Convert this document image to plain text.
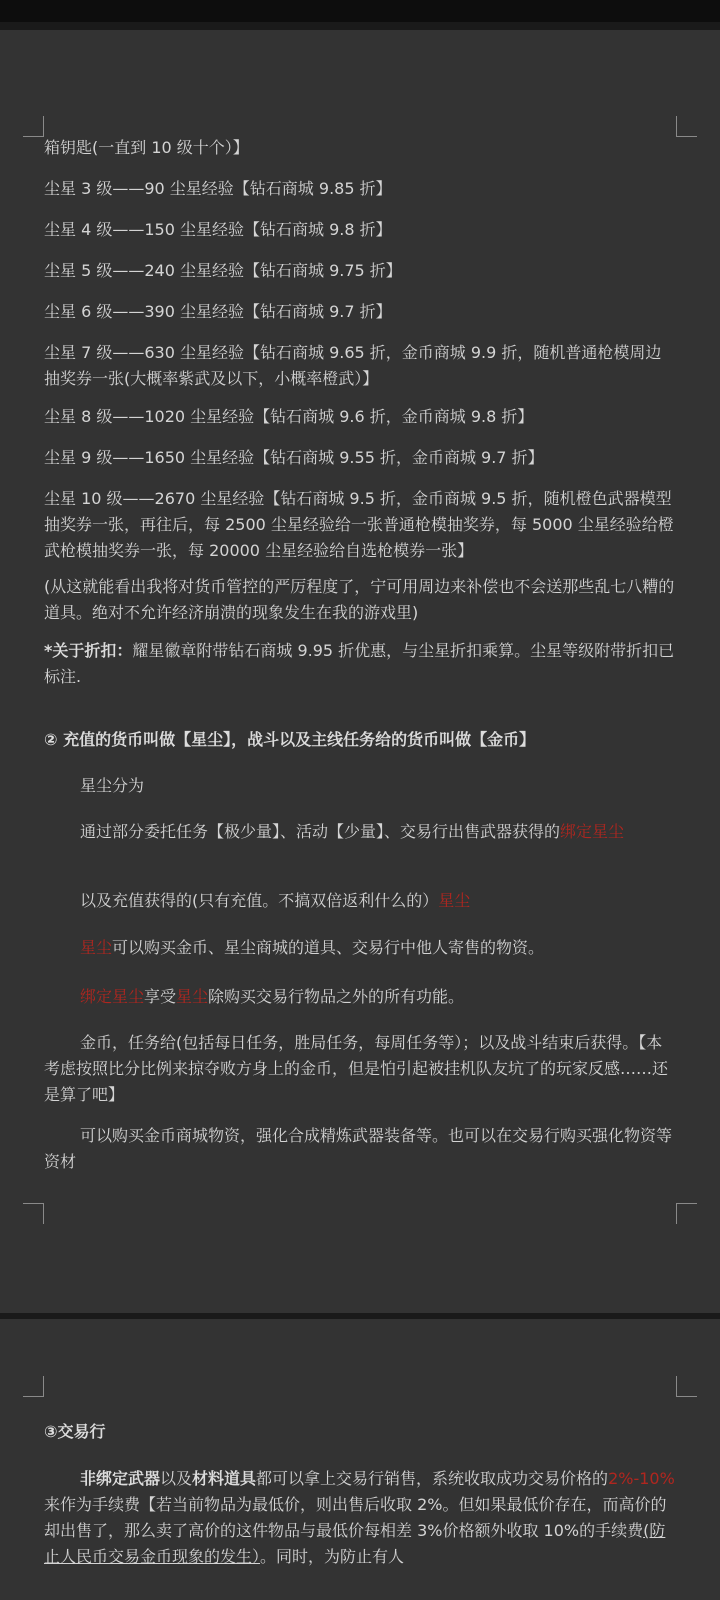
箱钥匙(一直到 10 级十个）】

尘星 3 级——90 尘星经验【钻石商城 9.85 折】

尘星 4 级——150 尘星经验【钻石商城 9.8 折】

尘星 5 级——240 尘星经验【钻石商城 9.75 折】

尘星 6 级——390 尘星经验【钻石商城 9.7 折】

尘星 7 级——630 尘星经验【钻石商城 9.65 折，金币商城 9.9 折，随机普通枪模周边抽奖券一张(大概率紫武及以下，小概率橙武）】

尘星 8 级——1020 尘星经验【钻石商城 9.6 折，金币商城 9.8 折】

尘星 9 级——1650 尘星经验【钻石商城 9.55 折，金币商城 9.7 折】

尘星 10 级——2670 尘星经验【钻石商城 9.5 折，金币商城 9.5 折，随机橙色武器模型抽奖券一张，再往后，每 2500 尘星经验给一张普通枪模抽奖券，每 5000 尘星经验给橙武枪模抽奖券一张，每 20000 尘星经验给自选枪模券一张】

(从这就能看出我将对货币管控的严厉程度了，宁可用周边来补偿也不会送那些乱七八糟的道具。绝对不允许经济崩溃的现象发生在我的游戏里)

*关于折扣：耀星徽章附带钻石商城 9.95 折优惠，与尘星折扣乘算。尘星等级附带折扣已标注.

② 充值的货币叫做【星尘】，战斗以及主线任务给的货币叫做【金币】

星尘分为

通过部分委托任务【极少量】、活动【少量】、交易行出售武器获得的绑定星尘

以及充值获得的(只有充值。不搞双倍返利什么的）星尘

星尘可以购买金币、星尘商城的道具、交易行中他人寄售的物资。

绑定星尘享受星尘除购买交易行物品之外的所有功能。

金币，任务给(包括每日任务，胜局任务，每周任务等）；以及战斗结束后获得。【本考虑按照比分比例来掠夺败方身上的金币，但是怕引起被挂机队友坑了的玩家反感……还是算了吧】

可以购买金币商城物资，强化合成精炼武器装备等。也可以在交易行购买强化物资等资材

③交易行

非绑定武器以及材料道具都可以拿上交易行销售，系统收取成功交易价格的2%-10%来作为手续费【若当前物品为最低价，则出售后收取 2%。但如果最低价存在，而高价的却出售了，那么卖了高价的这件物品与最低价每相差 3%价格额外收取 10%的手续费(防止人民币交易金币现象的发生）。同时，为防止有人
